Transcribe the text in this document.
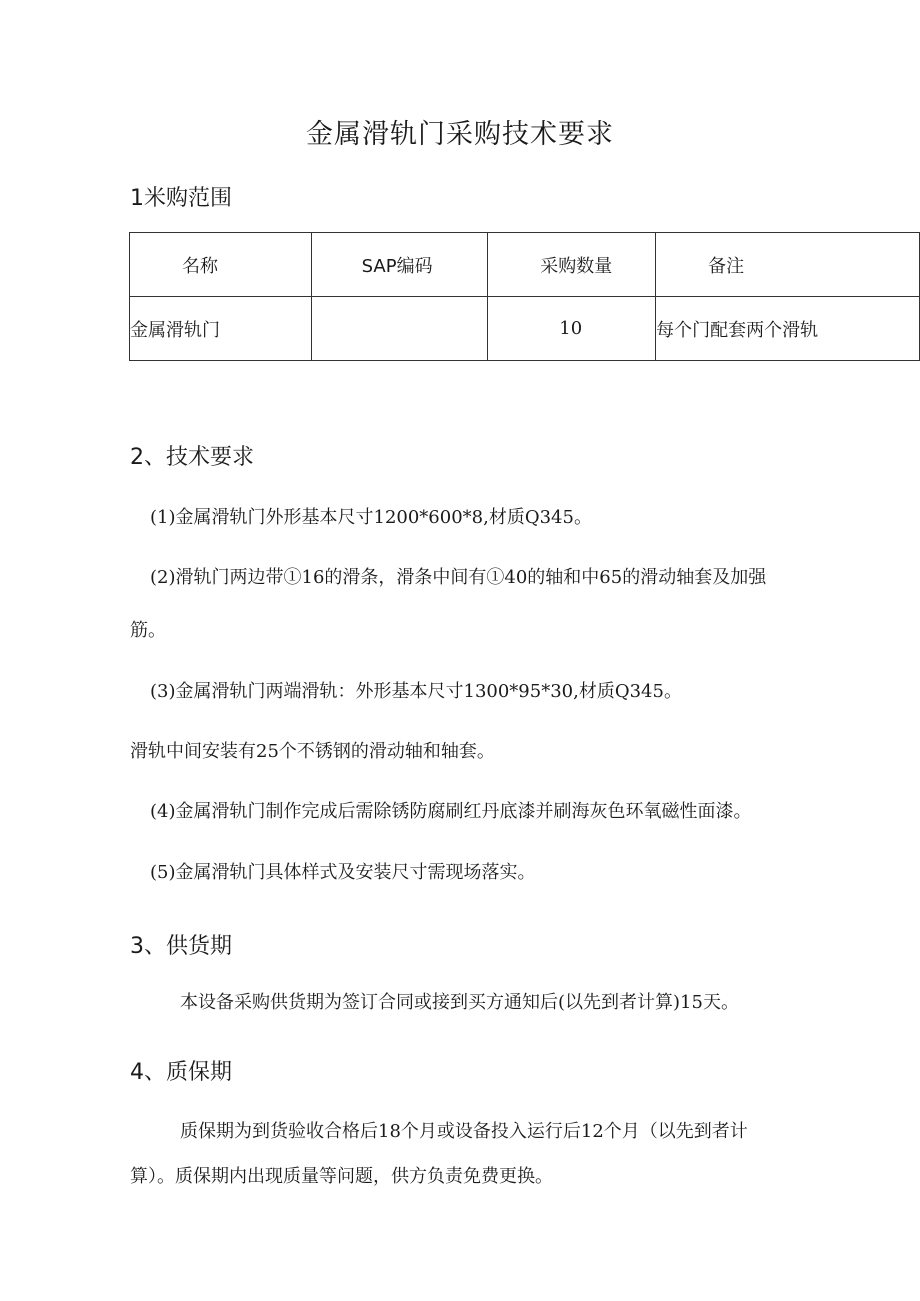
金属滑轨门采购技术要求
1米购范围
名称	SAP编码	采购数量	备注
金属滑轨门		10	每个门配套两个滑轨
2、技术要求
(1)金属滑轨门外形基本尺寸1200*600*8,材质Q345。
(2)滑轨门两边带①16的滑条，滑条中间有①40的轴和中65的滑动轴套及加强
筋。
(3)金属滑轨门两端滑轨：外形基本尺寸1300*95*30,材质Q345。
滑轨中间安装有25个不锈钢的滑动轴和轴套。
(4)金属滑轨门制作完成后需除锈防腐刷红丹底漆并刷海灰色环氧磁性面漆。
(5)金属滑轨门具体样式及安装尺寸需现场落实。
3、供货期
本设备采购供货期为签订合同或接到买方通知后(以先到者计算)15天。
4、质保期
质保期为到货验收合格后18个月或设备投入运行后12个月（以先到者计
算）。质保期内出现质量等问题，供方负责免费更换。
